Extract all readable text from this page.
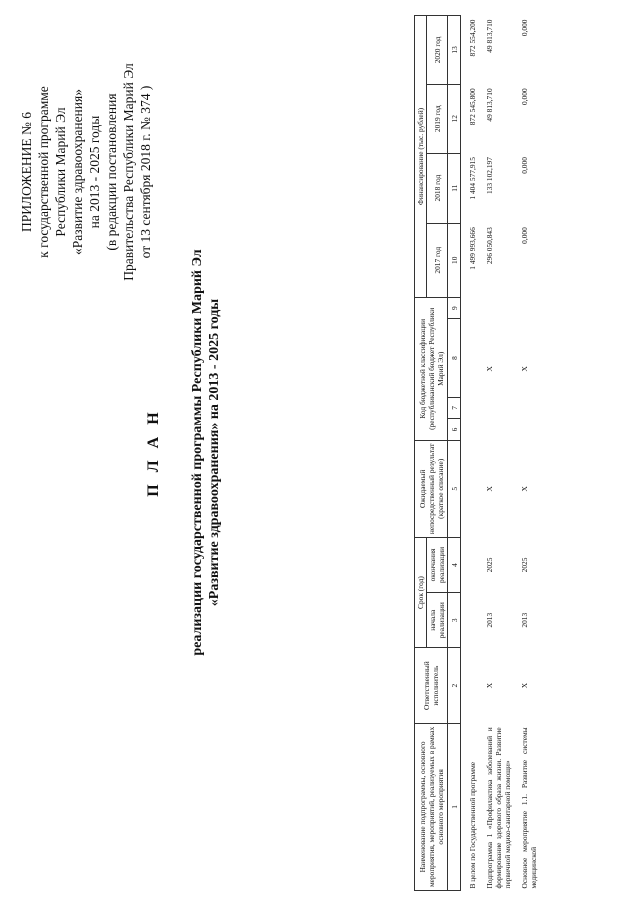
ПРИЛОЖЕНИЕ № 6 к государственной программе Республики Марий Эл «Развитие здравоохранения» на 2013 - 2025 годы (в редакции постановления Правительства Республики Марий Эл от 13 сентября 2018 г. № 374 )
П Л А Н реализации государственной программы Республики Марий Эл «Развитие здравоохранения» на 2013 - 2025 годы
Наименование подпрограммы, основного мероприятия, мероприятий, реализуемых в рамках основного мероприятия	Ответственный исполнитель	Срок (год)		Ожидаемый непосредственный результат (краткое описание)	Код бюджетной классификации (республиканский бюджет Республики Марий Эл)				Финансирование (тыс. рублей)			
		начала реализации	окончания реализации						2017 год	2018 год	2019 год	2020 год
1	2	3	4	5	6	7	8	9	10	11	12	13
В целом по Государственной программе									1 499 993,666	1 404 577,915	872 545,800	872 554,200
Подпрограмма 1 «Профилактика заболеваний и формирование здорового образа жизни. Развитие первичной медико-санитарной помощи»	X	2013	2025	X	X				296 050,843	133 102,197	49 813,710	49 813,710
Основное мероприятие 1.1. Развитие системы медицинской	X	2013	2025	X	X				0,000	0,000	0,000	0,000
